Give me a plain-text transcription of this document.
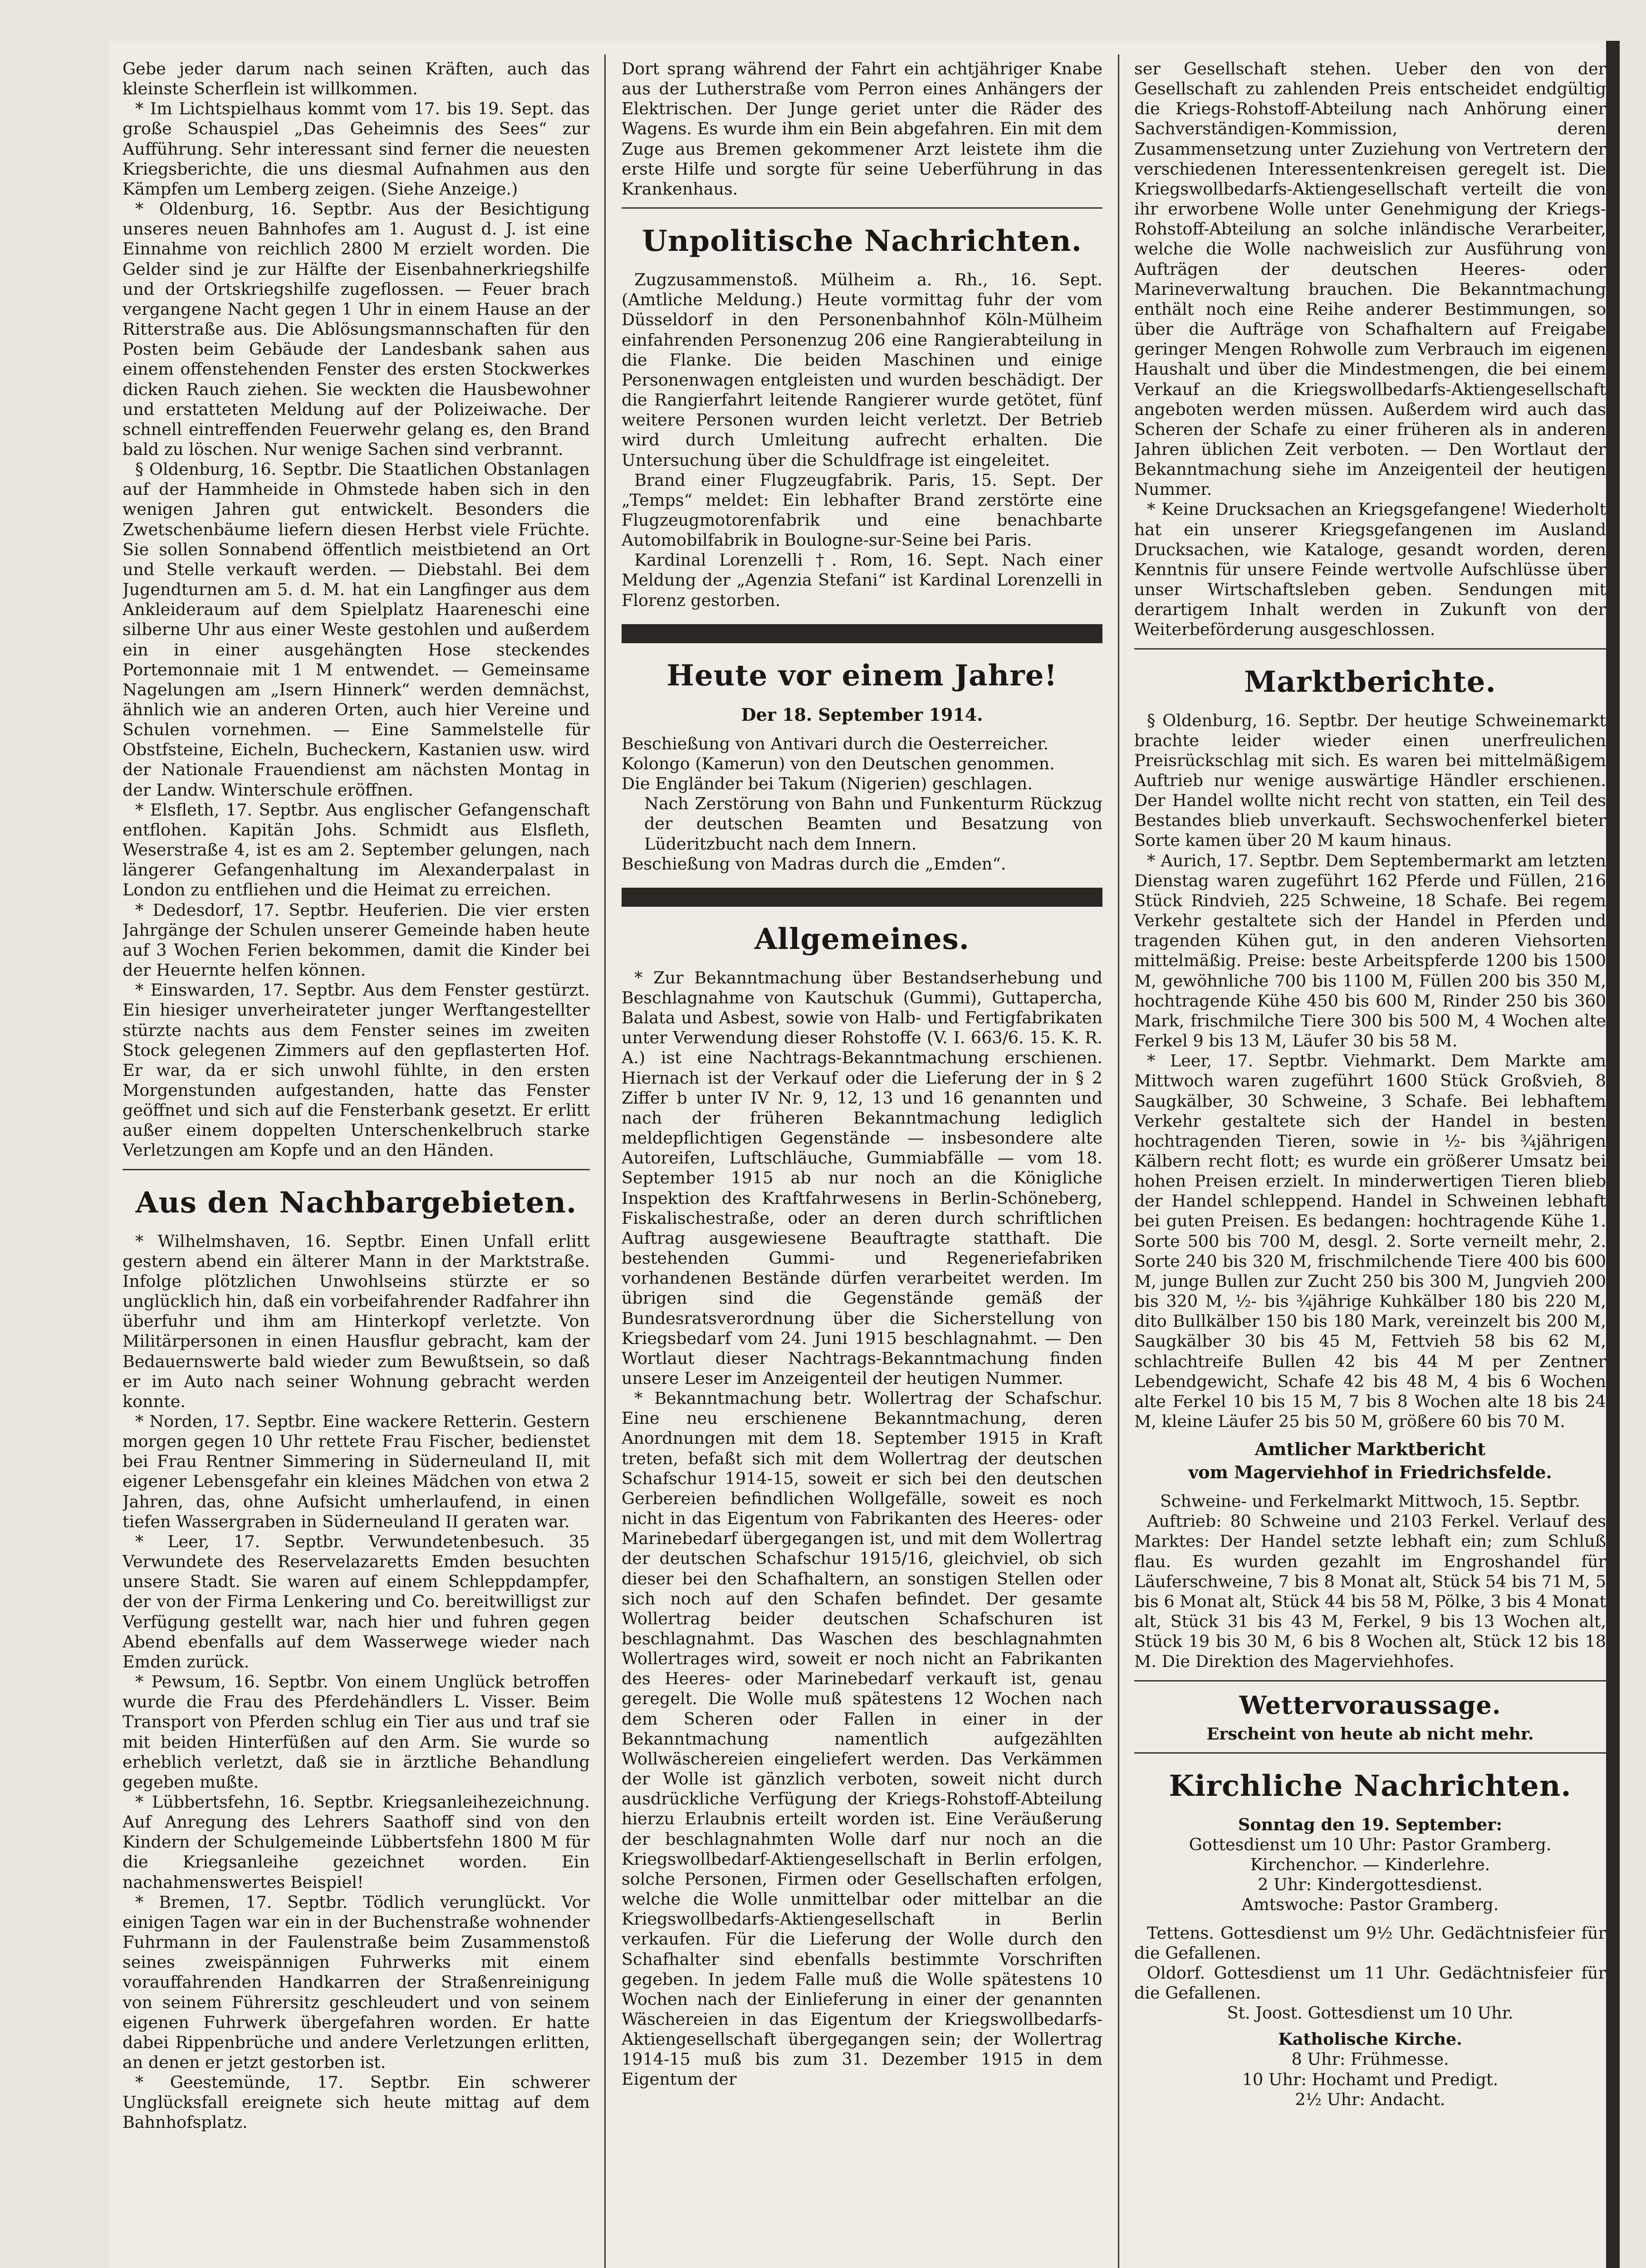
Gebe jeder darum nach seinen Kräften, auch das kleinste Scherflein ist willkommen.

* Im Lichtspielhaus kommt vom 17. bis 19. Sept. das große Schauspiel „Das Geheimnis des Sees“ zur Aufführung. Sehr interessant sind ferner die neuesten Kriegsberichte, die uns diesmal Aufnahmen aus den Kämpfen um Lemberg zeigen. (Siehe Anzeige.)

* Oldenburg, 16. Septbr. Aus der Besichtigung unseres neuen Bahnhofes am 1. August d. J. ist eine Einnahme von reichlich 2800 M erzielt worden. Die Gelder sind je zur Hälfte der Eisenbahnerkriegshilfe und der Ortskriegshilfe zugeflossen. — Feuer brach vergangene Nacht gegen 1 Uhr in einem Hause an der Ritterstraße aus. Die Ablösungsmannschaften für den Posten beim Gebäude der Landesbank sahen aus einem offenstehenden Fenster des ersten Stockwerkes dicken Rauch ziehen. Sie weckten die Hausbewohner und erstatteten Meldung auf der Polizeiwache. Der schnell eintreffenden Feuerwehr gelang es, den Brand bald zu löschen. Nur wenige Sachen sind verbrannt.

§ Oldenburg, 16. Septbr. Die Staatlichen Obstanlagen auf der Hammheide in Ohmstede haben sich in den wenigen Jahren gut entwickelt. Besonders die Zwetschenbäume liefern diesen Herbst viele Früchte. Sie sollen Sonnabend öffentlich meistbietend an Ort und Stelle verkauft werden. — Diebstahl. Bei dem Jugendturnen am 5. d. M. hat ein Langfinger aus dem Ankleideraum auf dem Spielplatz Haareneschi eine silberne Uhr aus einer Weste gestohlen und außerdem ein in einer ausgehängten Hose steckendes Portemonnaie mit 1 M entwendet. — Gemeinsame Nagelungen am „Isern Hinnerk“ werden demnächst, ähnlich wie an anderen Orten, auch hier Vereine und Schulen vornehmen. — Eine Sammelstelle für Obstfsteine, Eicheln, Bucheckern, Kastanien usw. wird der Nationale Frauendienst am nächsten Montag in der Landw. Winterschule eröffnen.

* Elsfleth, 17. Septbr. Aus englischer Gefangenschaft entflohen. Kapitän Johs. Schmidt aus Elsfleth, Weserstraße 4, ist es am 2. September gelungen, nach längerer Gefangenhaltung im Alexanderpalast in London zu entfliehen und die Heimat zu erreichen.

* Dedesdorf, 17. Septbr. Heuferien. Die vier ersten Jahrgänge der Schulen unserer Gemeinde haben heute auf 3 Wochen Ferien bekommen, damit die Kinder bei der Heuernte helfen können.

* Einswarden, 17. Septbr. Aus dem Fenster gestürzt. Ein hiesiger unverheirateter junger Werftangestellter stürzte nachts aus dem Fenster seines im zweiten Stock gelegenen Zimmers auf den gepflasterten Hof. Er war, da er sich unwohl fühlte, in den ersten Morgenstunden aufgestanden, hatte das Fenster geöffnet und sich auf die Fensterbank gesetzt. Er erlitt außer einem doppelten Unterschenkelbruch starke Verletzungen am Kopfe und an den Händen.

Aus den Nachbargebieten.

* Wilhelmshaven, 16. Septbr. Einen Unfall erlitt gestern abend ein älterer Mann in der Marktstraße. Infolge plötzlichen Unwohlseins stürzte er so unglücklich hin, daß ein vorbeifahrender Radfahrer ihn überfuhr und ihm am Hinterkopf verletzte. Von Militärpersonen in einen Hausflur gebracht, kam der Bedauernswerte bald wieder zum Bewußtsein, so daß er im Auto nach seiner Wohnung gebracht werden konnte.

* Norden, 17. Septbr. Eine wackere Retterin. Gestern morgen gegen 10 Uhr rettete Frau Fischer, bedienstet bei Frau Rentner Simmering in Süderneuland II, mit eigener Lebensgefahr ein kleines Mädchen von etwa 2 Jahren, das, ohne Aufsicht umherlaufend, in einen tiefen Wassergraben in Süderneuland II geraten war.

* Leer, 17. Septbr. Verwundetenbesuch. 35 Verwundete des Reservelazaretts Emden besuchten unsere Stadt. Sie waren auf einem Schleppdampfer, der von der Firma Lenkering und Co. bereitwilligst zur Verfügung gestellt war, nach hier und fuhren gegen Abend ebenfalls auf dem Wasserwege wieder nach Emden zurück.

* Pewsum, 16. Septbr. Von einem Unglück betroffen wurde die Frau des Pferdehändlers L. Visser. Beim Transport von Pferden schlug ein Tier aus und traf sie mit beiden Hinterfüßen auf den Arm. Sie wurde so erheblich verletzt, daß sie in ärztliche Behandlung gegeben mußte.

* Lübbertsfehn, 16. Septbr. Kriegsanleihezeichnung. Auf Anregung des Lehrers Saathoff sind von den Kindern der Schulgemeinde Lübbertsfehn 1800 M für die Kriegsanleihe gezeichnet worden. Ein nachahmenswertes Beispiel!

* Bremen, 17. Septbr. Tödlich verunglückt. Vor einigen Tagen war ein in der Buchenstraße wohnender Fuhrmann in der Faulenstraße beim Zusammenstoß seines zweispännigen Fuhrwerks mit einem vorauffahrenden Handkarren der Straßenreinigung von seinem Führersitz geschleudert und von seinem eigenen Fuhrwerk übergefahren worden. Er hatte dabei Rippenbrüche und andere Verletzungen erlitten, an denen er jetzt gestorben ist.

* Geestemünde, 17. Septbr. Ein schwerer Unglücksfall ereignete sich heute mittag auf dem Bahnhofsplatz.

Dort sprang während der Fahrt ein achtjähriger Knabe aus der Lutherstraße vom Perron eines Anhängers der Elektrischen. Der Junge geriet unter die Räder des Wagens. Es wurde ihm ein Bein abgefahren. Ein mit dem Zuge aus Bremen gekommener Arzt leistete ihm die erste Hilfe und sorgte für seine Ueberführung in das Krankenhaus.

Unpolitische Nachrichten.

Zugzusammenstoß. Mülheim a. Rh., 16. Sept. (Amtliche Meldung.) Heute vormittag fuhr der vom Düsseldorf in den Personenbahnhof Köln-Mülheim einfahrenden Personenzug 206 eine Rangierabteilung in die Flanke. Die beiden Maschinen und einige Personenwagen entgleisten und wurden beschädigt. Der die Rangierfahrt leitende Rangierer wurde getötet, fünf weitere Personen wurden leicht verletzt. Der Betrieb wird durch Umleitung aufrecht erhalten. Die Untersuchung über die Schuldfrage ist eingeleitet.

Brand einer Flugzeugfabrik. Paris, 15. Sept. Der „Temps“ meldet: Ein lebhafter Brand zerstörte eine Flugzeugmotorenfabrik und eine benachbarte Automobilfabrik in Boulogne-sur-Seine bei Paris.

Kardinal Lorenzelli †. Rom, 16. Sept. Nach einer Meldung der „Agenzia Stefani“ ist Kardinal Lorenzelli in Florenz gestorben.

Heute vor einem Jahre!
Der 18. September 1914.

Beschießung von Antivari durch die Oesterreicher.

Kolongo (Kamerun) von den Deutschen genommen.

Die Engländer bei Takum (Nigerien) geschlagen.

Nach Zerstörung von Bahn und Funkenturm Rückzug der deutschen Beamten und Besatzung von Lüderitzbucht nach dem Innern.

Beschießung von Madras durch die „Emden“.

Allgemeines.

* Zur Bekanntmachung über Bestandserhebung und Beschlagnahme von Kautschuk (Gummi), Guttapercha, Balata und Asbest, sowie von Halb- und Fertigfabrikaten unter Verwendung dieser Rohstoffe (V. I. 663/6. 15. K. R. A.) ist eine Nachtrags-Bekanntmachung erschienen. Hiernach ist der Verkauf oder die Lieferung der in § 2 Ziffer b unter IV Nr. 9, 12, 13 und 16 genannten und nach der früheren Bekanntmachung lediglich meldepflichtigen Gegenstände — insbesondere alte Autoreifen, Luftschläuche, Gummiabfälle — vom 18. September 1915 ab nur noch an die Königliche Inspektion des Kraftfahrwesens in Berlin-Schöneberg, Fiskalischestraße, oder an deren durch schriftlichen Auftrag ausgewiesene Beauftragte statthaft. Die bestehenden Gummi- und Regeneriefabriken vorhandenen Bestände dürfen verarbeitet werden. Im übrigen sind die Gegenstände gemäß der Bundesratsverordnung über die Sicherstellung von Kriegsbedarf vom 24. Juni 1915 beschlagnahmt. — Den Wortlaut dieser Nachtrags-Bekanntmachung finden unsere Leser im Anzeigenteil der heutigen Nummer.

* Bekanntmachung betr. Wollertrag der Schafschur. Eine neu erschienene Bekanntmachung, deren Anordnungen mit dem 18. September 1915 in Kraft treten, befaßt sich mit dem Wollertrag der deutschen Schafschur 1914-15, soweit er sich bei den deutschen Gerbereien befindlichen Wollgefälle, soweit es noch nicht in das Eigentum von Fabrikanten des Heeres- oder Marinebedarf übergegangen ist, und mit dem Wollertrag der deutschen Schafschur 1915/16, gleichviel, ob sich dieser bei den Schafhaltern, an sonstigen Stellen oder sich noch auf den Schafen befindet. Der gesamte Wollertrag beider deutschen Schafschuren ist beschlagnahmt. Das Waschen des beschlagnahmten Wollertrages wird, soweit er noch nicht an Fabrikanten des Heeres- oder Marinebedarf verkauft ist, genau geregelt. Die Wolle muß spätestens 12 Wochen nach dem Scheren oder Fallen in einer in der Bekanntmachung namentlich aufgezählten Wollwäschereien eingeliefert werden. Das Verkämmen der Wolle ist gänzlich verboten, soweit nicht durch ausdrückliche Verfügung der Kriegs-Rohstoff-Abteilung hierzu Erlaubnis erteilt worden ist. Eine Veräußerung der beschlagnahmten Wolle darf nur noch an die Kriegswollbedarf-Aktiengesellschaft in Berlin erfolgen, solche Personen, Firmen oder Gesellschaften erfolgen, welche die Wolle unmittelbar oder mittelbar an die Kriegswollbedarfs-Aktiengesellschaft in Berlin verkaufen. Für die Lieferung der Wolle durch den Schafhalter sind ebenfalls bestimmte Vorschriften gegeben. In jedem Falle muß die Wolle spätestens 10 Wochen nach der Einlieferung in einer der genannten Wäschereien in das Eigentum der Kriegswollbedarfs-Aktiengesellschaft übergegangen sein; der Wollertrag 1914-15 muß bis zum 31. Dezember 1915 in dem Eigentum der

ser Gesellschaft stehen. Ueber den von der Gesellschaft zu zahlenden Preis entscheidet endgültig die Kriegs-Rohstoff-Abteilung nach Anhörung einer Sachverständigen-Kommission, deren Zusammensetzung unter Zuziehung von Vertretern der verschiedenen Interessentenkreisen geregelt ist. Die Kriegswollbedarfs-Aktiengesellschaft verteilt die von ihr erworbene Wolle unter Genehmigung der Kriegs-Rohstoff-Abteilung an solche inländische Verarbeiter, welche die Wolle nachweislich zur Ausführung von Aufträgen der deutschen Heeres- oder Marineverwaltung brauchen. Die Bekanntmachung enthält noch eine Reihe anderer Bestimmungen, so über die Aufträge von Schafhaltern auf Freigabe geringer Mengen Rohwolle zum Verbrauch im eigenen Haushalt und über die Mindestmengen, die bei einem Verkauf an die Kriegswollbedarfs-Aktiengesellschaft angeboten werden müssen. Außerdem wird auch das Scheren der Schafe zu einer früheren als in anderen Jahren üblichen Zeit verboten. — Den Wortlaut der Bekanntmachung siehe im Anzeigenteil der heutigen Nummer.

* Keine Drucksachen an Kriegsgefangene! Wiederholt hat ein unserer Kriegsgefangenen im Ausland Drucksachen, wie Kataloge, gesandt worden, deren Kenntnis für unsere Feinde wertvolle Aufschlüsse über unser Wirtschaftsleben geben. Sendungen mit derartigem Inhalt werden in Zukunft von der Weiterbeförderung ausgeschlossen.

Marktberichte.

§ Oldenburg, 16. Septbr. Der heutige Schweinemarkt brachte leider wieder einen unerfreulichen Preisrückschlag mit sich. Es waren bei mittelmäßigem Auftrieb nur wenige auswärtige Händler erschienen. Der Handel wollte nicht recht von statten, ein Teil des Bestandes blieb unverkauft. Sechswochenferkel bieter Sorte kamen über 20 M kaum hinaus.

* Aurich, 17. Septbr. Dem Septembermarkt am letzten Dienstag waren zugeführt 162 Pferde und Füllen, 216 Stück Rindvieh, 225 Schweine, 18 Schafe. Bei regem Verkehr gestaltete sich der Handel in Pferden und tragenden Kühen gut, in den anderen Viehsorten mittelmäßig. Preise: beste Arbeitspferde 1200 bis 1500 M, gewöhnliche 700 bis 1100 M, Füllen 200 bis 350 M, hochtragende Kühe 450 bis 600 M, Rinder 250 bis 360 Mark, frischmilche Tiere 300 bis 500 M, 4 Wochen alte Ferkel 9 bis 13 M, Läufer 30 bis 58 M.

* Leer, 17. Septbr. Viehmarkt. Dem Markte am Mittwoch waren zugeführt 1600 Stück Großvieh, 8 Saugkälber, 30 Schweine, 3 Schafe. Bei lebhaftem Verkehr gestaltete sich der Handel in besten hochtragenden Tieren, sowie in ½- bis ¾jährigen Kälbern recht flott; es wurde ein größerer Umsatz bei hohen Preisen erzielt. In minderwertigen Tieren blieb der Handel schleppend. Handel in Schweinen lebhaft bei guten Preisen. Es bedangen: hochtragende Kühe 1. Sorte 500 bis 700 M, desgl. 2. Sorte verneilt mehr, 2. Sorte 240 bis 320 M, frischmilchende Tiere 400 bis 600 M, junge Bullen zur Zucht 250 bis 300 M, Jungvieh 200 bis 320 M, ½- bis ¾jährige Kuhkälber 180 bis 220 M, dito Bullkälber 150 bis 180 Mark, vereinzelt bis 200 M, Saugkälber 30 bis 45 M, Fettvieh 58 bis 62 M, schlachtreife Bullen 42 bis 44 M per Zentner Lebendgewicht, Schafe 42 bis 48 M, 4 bis 6 Wochen alte Ferkel 10 bis 15 M, 7 bis 8 Wochen alte 18 bis 24 M, kleine Läufer 25 bis 50 M, größere 60 bis 70 M.

Amtlicher Marktbericht
vom Magerviehhof in Friedrichsfelde.

Schweine- und Ferkelmarkt Mittwoch, 15. Septbr.

Auftrieb: 80 Schweine und 2103 Ferkel. Verlauf des Marktes: Der Handel setzte lebhaft ein; zum Schluß flau. Es wurden gezahlt im Engroshandel für Läuferschweine, 7 bis 8 Monat alt, Stück 54 bis 71 M, 5 bis 6 Monat alt, Stück 44 bis 58 M, Pölke, 3 bis 4 Monat alt, Stück 31 bis 43 M, Ferkel, 9 bis 13 Wochen alt, Stück 19 bis 30 M, 6 bis 8 Wochen alt, Stück 12 bis 18 M. Die Direktion des Magerviehhofes.

Wettervoraussage.

Erscheint von heute ab nicht mehr.

Kirchliche Nachrichten.

Sonntag den 19. September:

Gottesdienst um 10 Uhr: Pastor Gramberg.

Kirchenchor. — Kinderlehre.

2 Uhr: Kindergottesdienst.

Amtswoche: Pastor Gramberg.

Tettens. Gottesdienst um 9½ Uhr. Gedächtnisfeier für die Gefallenen.

Oldorf. Gottesdienst um 11 Uhr. Gedächtnisfeier für die Gefallenen.

St. Joost. Gottesdienst um 10 Uhr.

Katholische Kirche.

8 Uhr: Frühmesse.

10 Uhr: Hochamt und Predigt.

2½ Uhr: Andacht.
